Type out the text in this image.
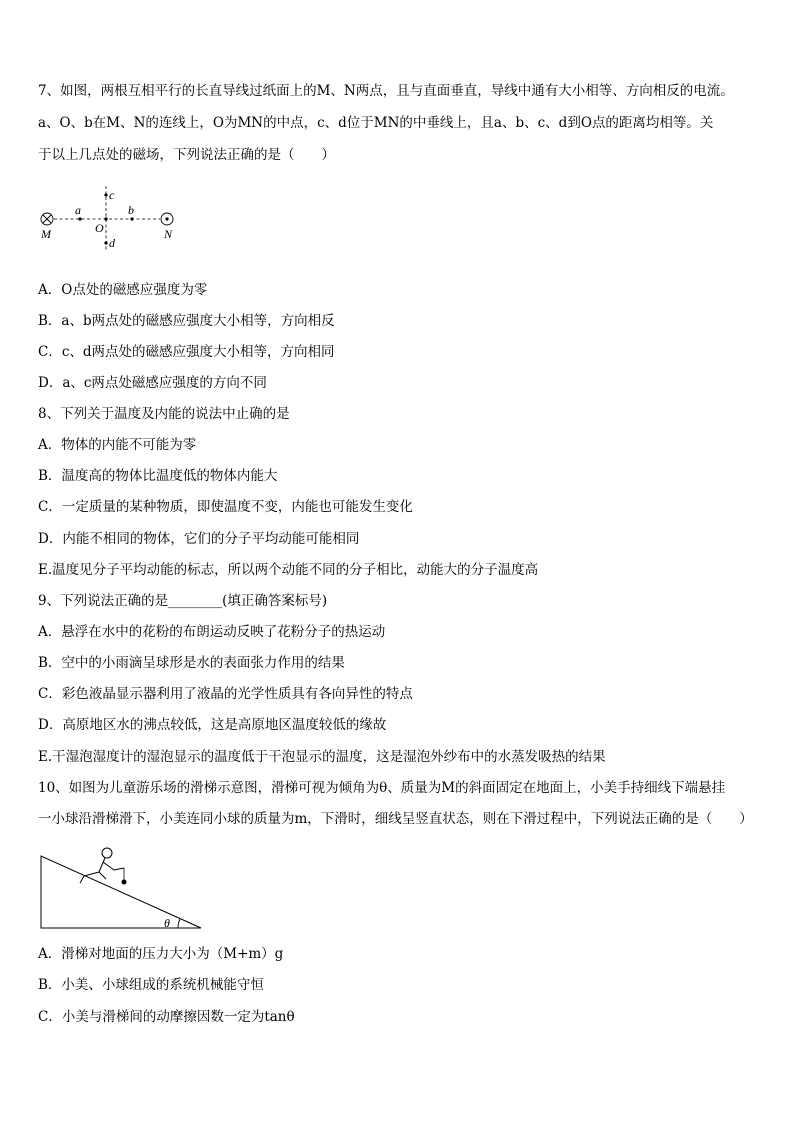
7、如图，两根互相平行的长直导线过纸面上的M、N两点，且与直面垂直，导线中通有大小相等、方向相反的电流。
a、O、b在M、N的连线上，O为MN的中点，c、d位于MN的中垂线上，且a、b、c、d到O点的距离均相等。关
于以上几点处的磁场，下列说法正确的是（　　）
M	N
a	b
O
c
d
A．O点处的磁感应强度为零
B．a、b两点处的磁感应强度大小相等，方向相反
C．c、d两点处的磁感应强度大小相等，方向相同
D．a、c两点处磁感应强度的方向不同
8、下列关于温度及内能的说法中止确的是
A．物体的内能不可能为零
B．温度高的物体比温度低的物体内能大
C．一定质量的某种物质，即使温度不变，内能也可能发生变化
D．内能不相同的物体，它们的分子平均动能可能相同
E.温度见分子平均动能的标志，所以两个动能不同的分子相比，动能大的分子温度高
9、下列说法正确的是________(填正确答案标号)
A．悬浮在水中的花粉的布朗运动反映了花粉分子的热运动
B．空中的小雨滴呈球形是水的表面张力作用的结果
C．彩色液晶显示器利用了液晶的光学性质具有各向异性的特点
D．高原地区水的沸点较低，这是高原地区温度较低的缘故
E.干湿泡湿度计的湿泡显示的温度低于干泡显示的温度，这是湿泡外纱布中的水蒸发吸热的结果
10、如图为儿童游乐场的滑梯示意图，滑梯可视为倾角为θ、质量为M的斜面固定在地面上，小美手持细线下端悬挂
一小球沿滑梯滑下，小美连同小球的质量为m，下滑时，细线呈竖直状态，则在下滑过程中，下列说法正确的是（　　）
θ
A．滑梯对地面的压力大小为（M+m）g
B．小美、小球组成的系统机械能守恒
C．小美与滑梯间的动摩擦因数一定为tanθ
